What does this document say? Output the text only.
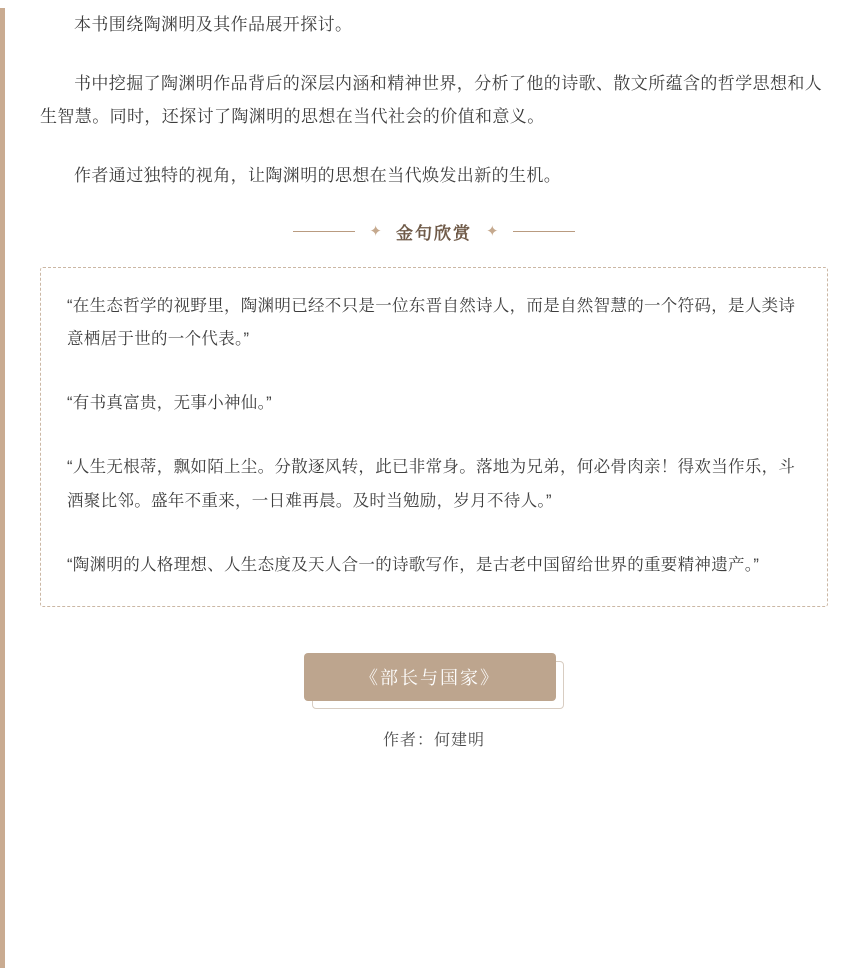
本书围绕陶渊明及其作品展开探讨。

书中挖掘了陶渊明作品背后的深层内涵和精神世界，分析了他的诗歌、散文所蕴含的哲学思想和人生智慧。同时，还探讨了陶渊明的思想在当代社会的价值和意义。

作者通过独特的视角，让陶渊明的思想在当代焕发出新的生机。

✦ 金句欣赏 ✦

“在生态哲学的视野里，陶渊明已经不只是一位东晋自然诗人，而是自然智慧的一个符码，是人类诗意栖居于世的一个代表。”

“有书真富贵，无事小神仙。”

“人生无根蒂，飘如陌上尘。分散逐风转，此已非常身。落地为兄弟，何必骨肉亲！得欢当作乐，斗酒聚比邻。盛年不重来，一日难再晨。及时当勉励，岁月不待人。”

“陶渊明的人格理想、人生态度及天人合一的诗歌写作，是古老中国留给世界的重要精神遗产。”

《部长与国家》
作者：何建明
